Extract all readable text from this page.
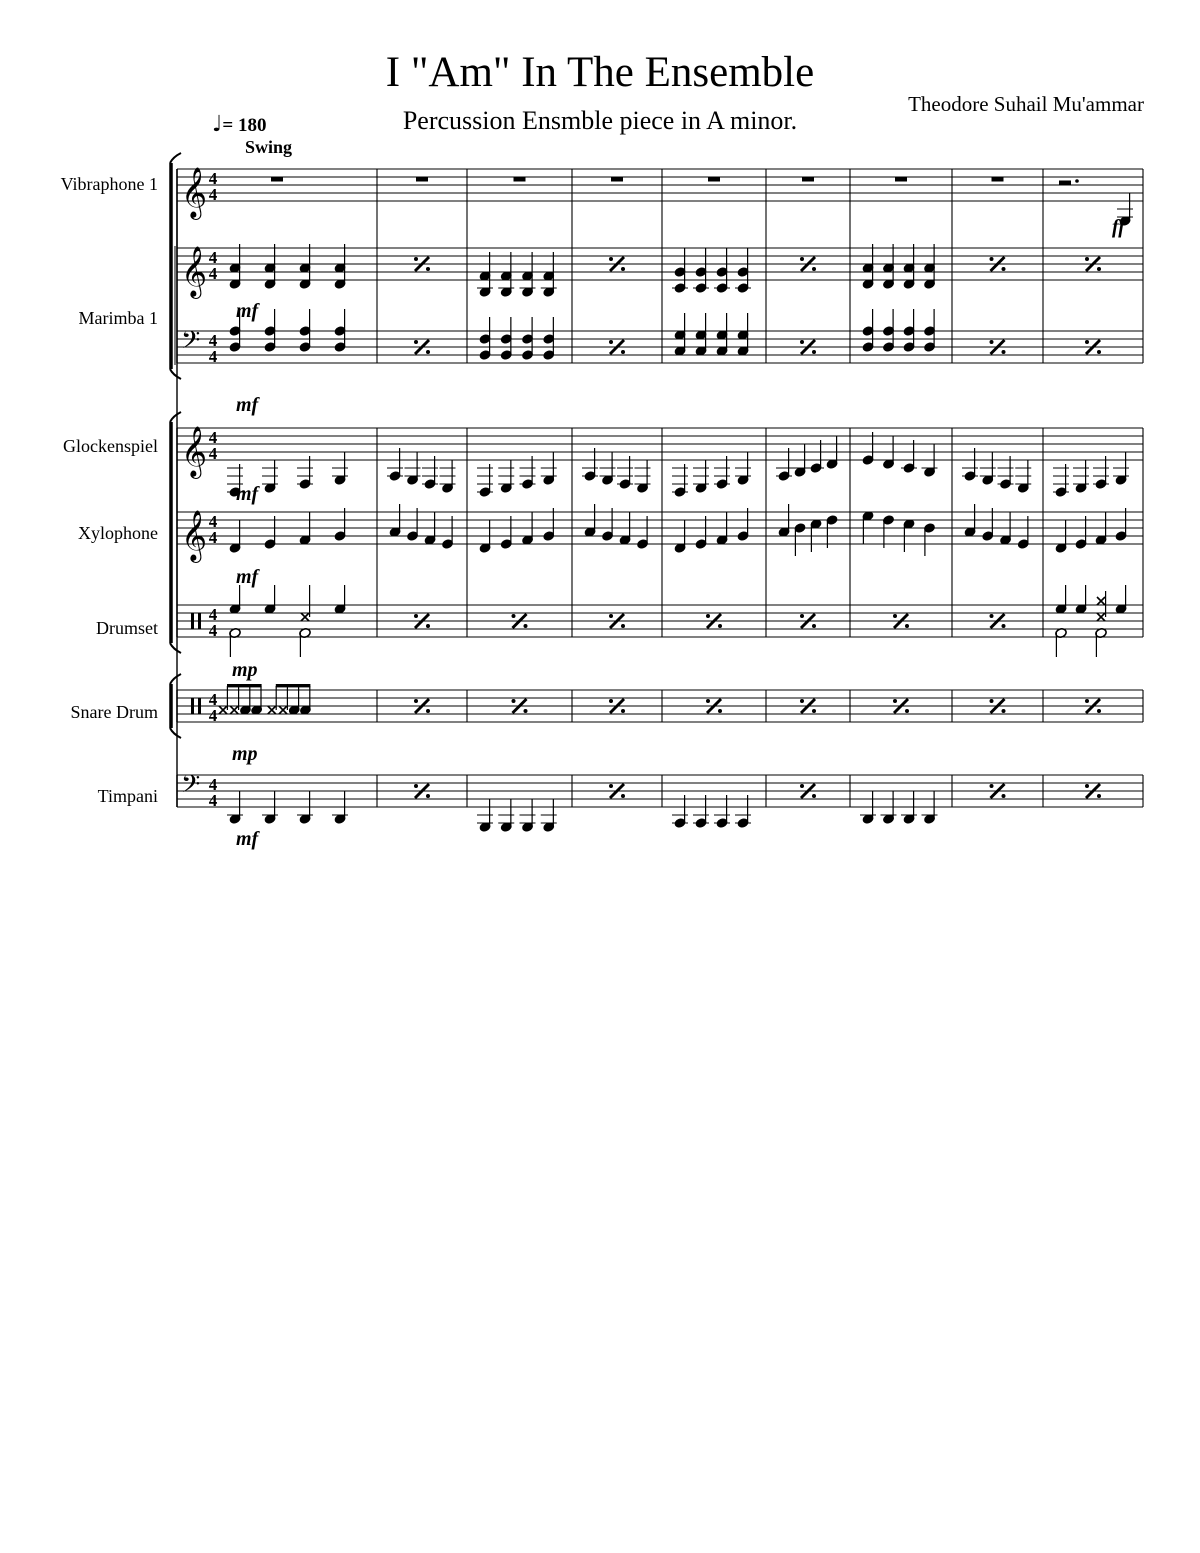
I "Am" In The Ensemble
Percussion Ensmble piece in A minor.
Theodore Suhail Mu'ammar
♩= 180
Swing
Vibraphone 1
Marimba 1
Glockenspiel
Xylophone
Drumset
Snare Drum
Timpani
𝄞 4
4
𝄞 4
4
𝄢 4
4
𝄞 4
4
𝄞 4
4
4
4
4
4
𝄢 4
4
ff
mf
mf
mf
mf
mp
mp
mf
